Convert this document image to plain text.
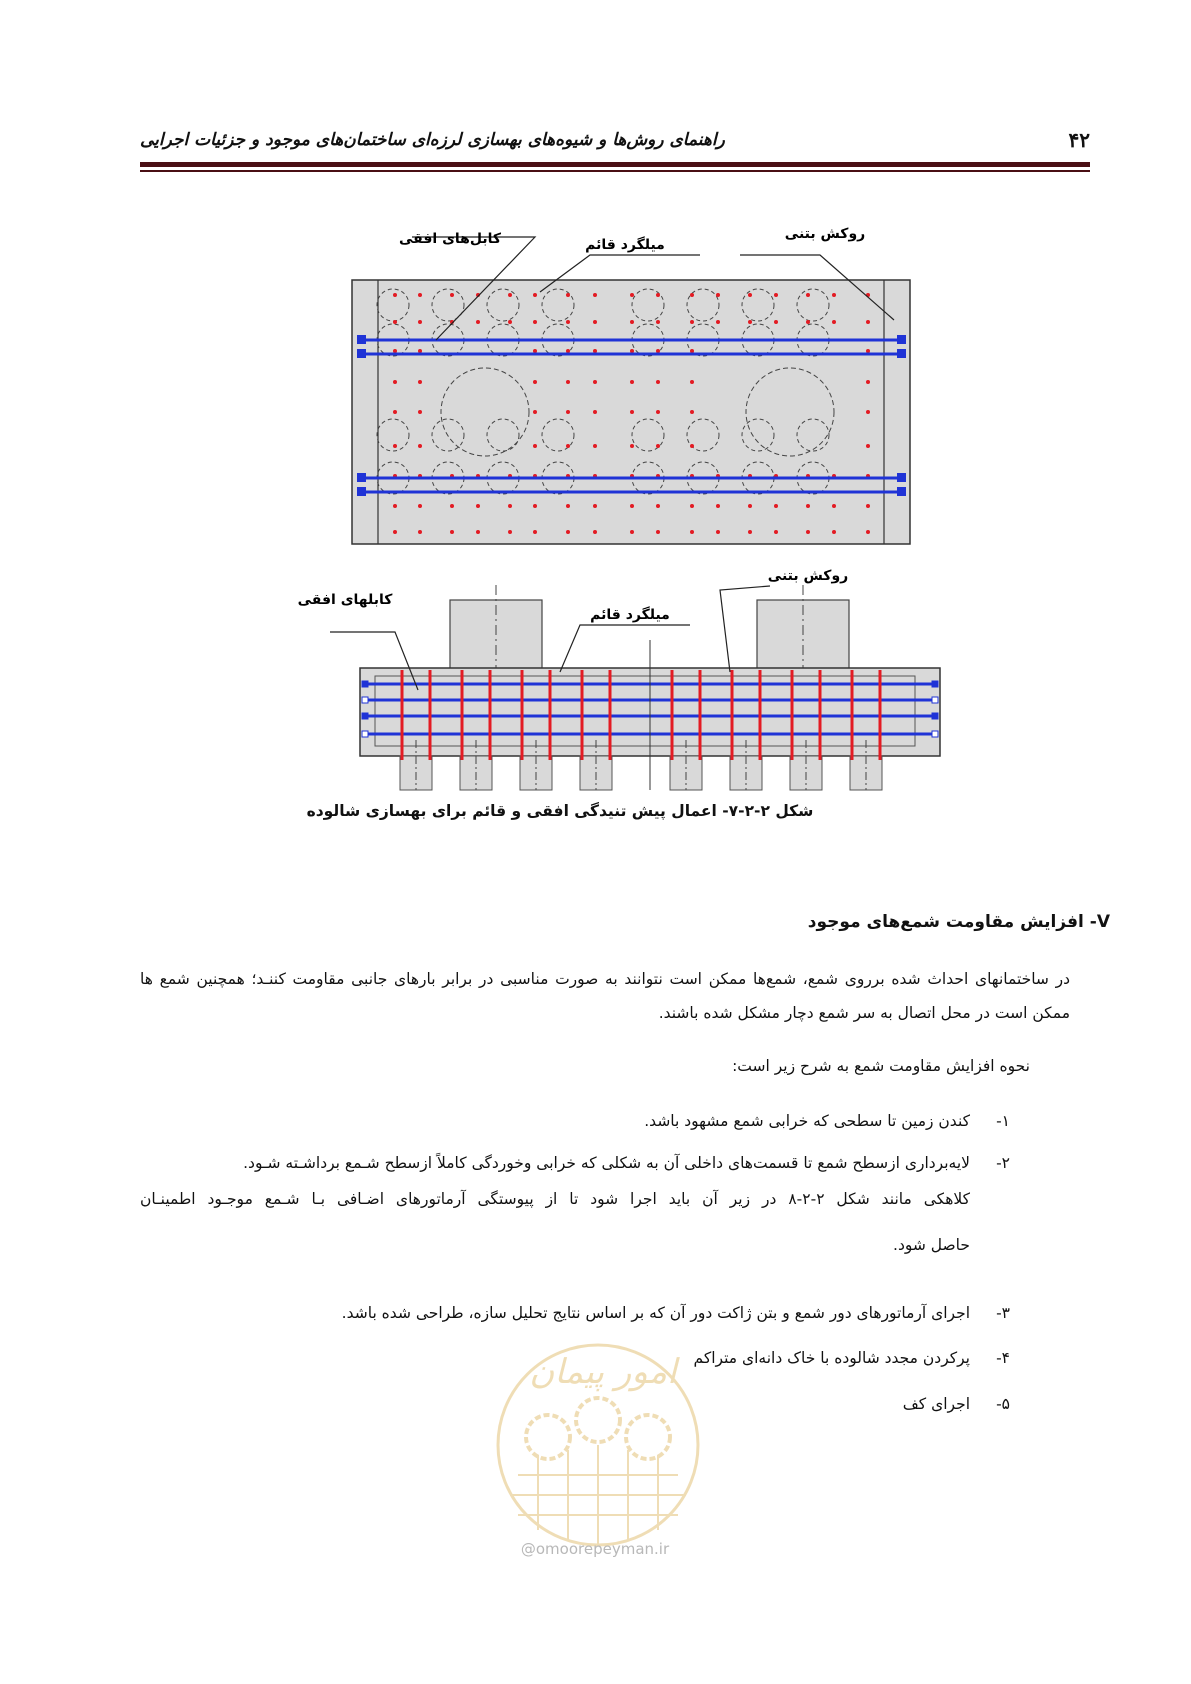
راهنمای روش‌ها و شیوه‌های بهسازی لرزه‌ای ساختمان‌های موجود و جزئیات اجرایی	۴۲
کابل‌های افقی	میلگرد قائم
روکش بتنی
کابلهای افقی
میلگرد قائم
روکش بتنی
شکل ۲-۲-۷- اعمال پیش تنیدگی افقی و قائم برای بهسازی شالوده
V- افزایش مقاومت شمع‌های موجود
در ساختمانهای احداث شده برروی شمع، شمع‌ها ممکن است نتوانند به صورت مناسبی در برابر بارهای جانبی مقاومت کننـد؛ همچنین شمع ها ممکن است در محل اتصال به سر شمع دچار مشکل شده باشند.
نحوه افزایش مقاومت شمع به شرح زیر است:
۱-کندن زمین تا سطحی که خرابی شمع مشهود باشد.
۲-لایه‌برداری ازسطح شمع تا قسمت‌های داخلی آن به شکلی که خرابی وخوردگی کاملاً ازسطح شـمع برداشـته شـود.
کلاهکی مانند شکل ۲-۲-۸ در زیر آن باید اجرا شود تا از پیوستگی آرماتورهای اضـافی بـا شـمع موجـود اطمینـان
حاصل شود.
۳-اجرای آرماتورهای دور شمع و بتن ژاکت دور آن که بر اساس نتایج تحلیل سازه، طراحی شده باشد.
۴-پرکردن مجدد شالوده با خاک دانه‌ای متراکم
۵-اجرای کف
امور پیمان
@omoorepeyman.ir
